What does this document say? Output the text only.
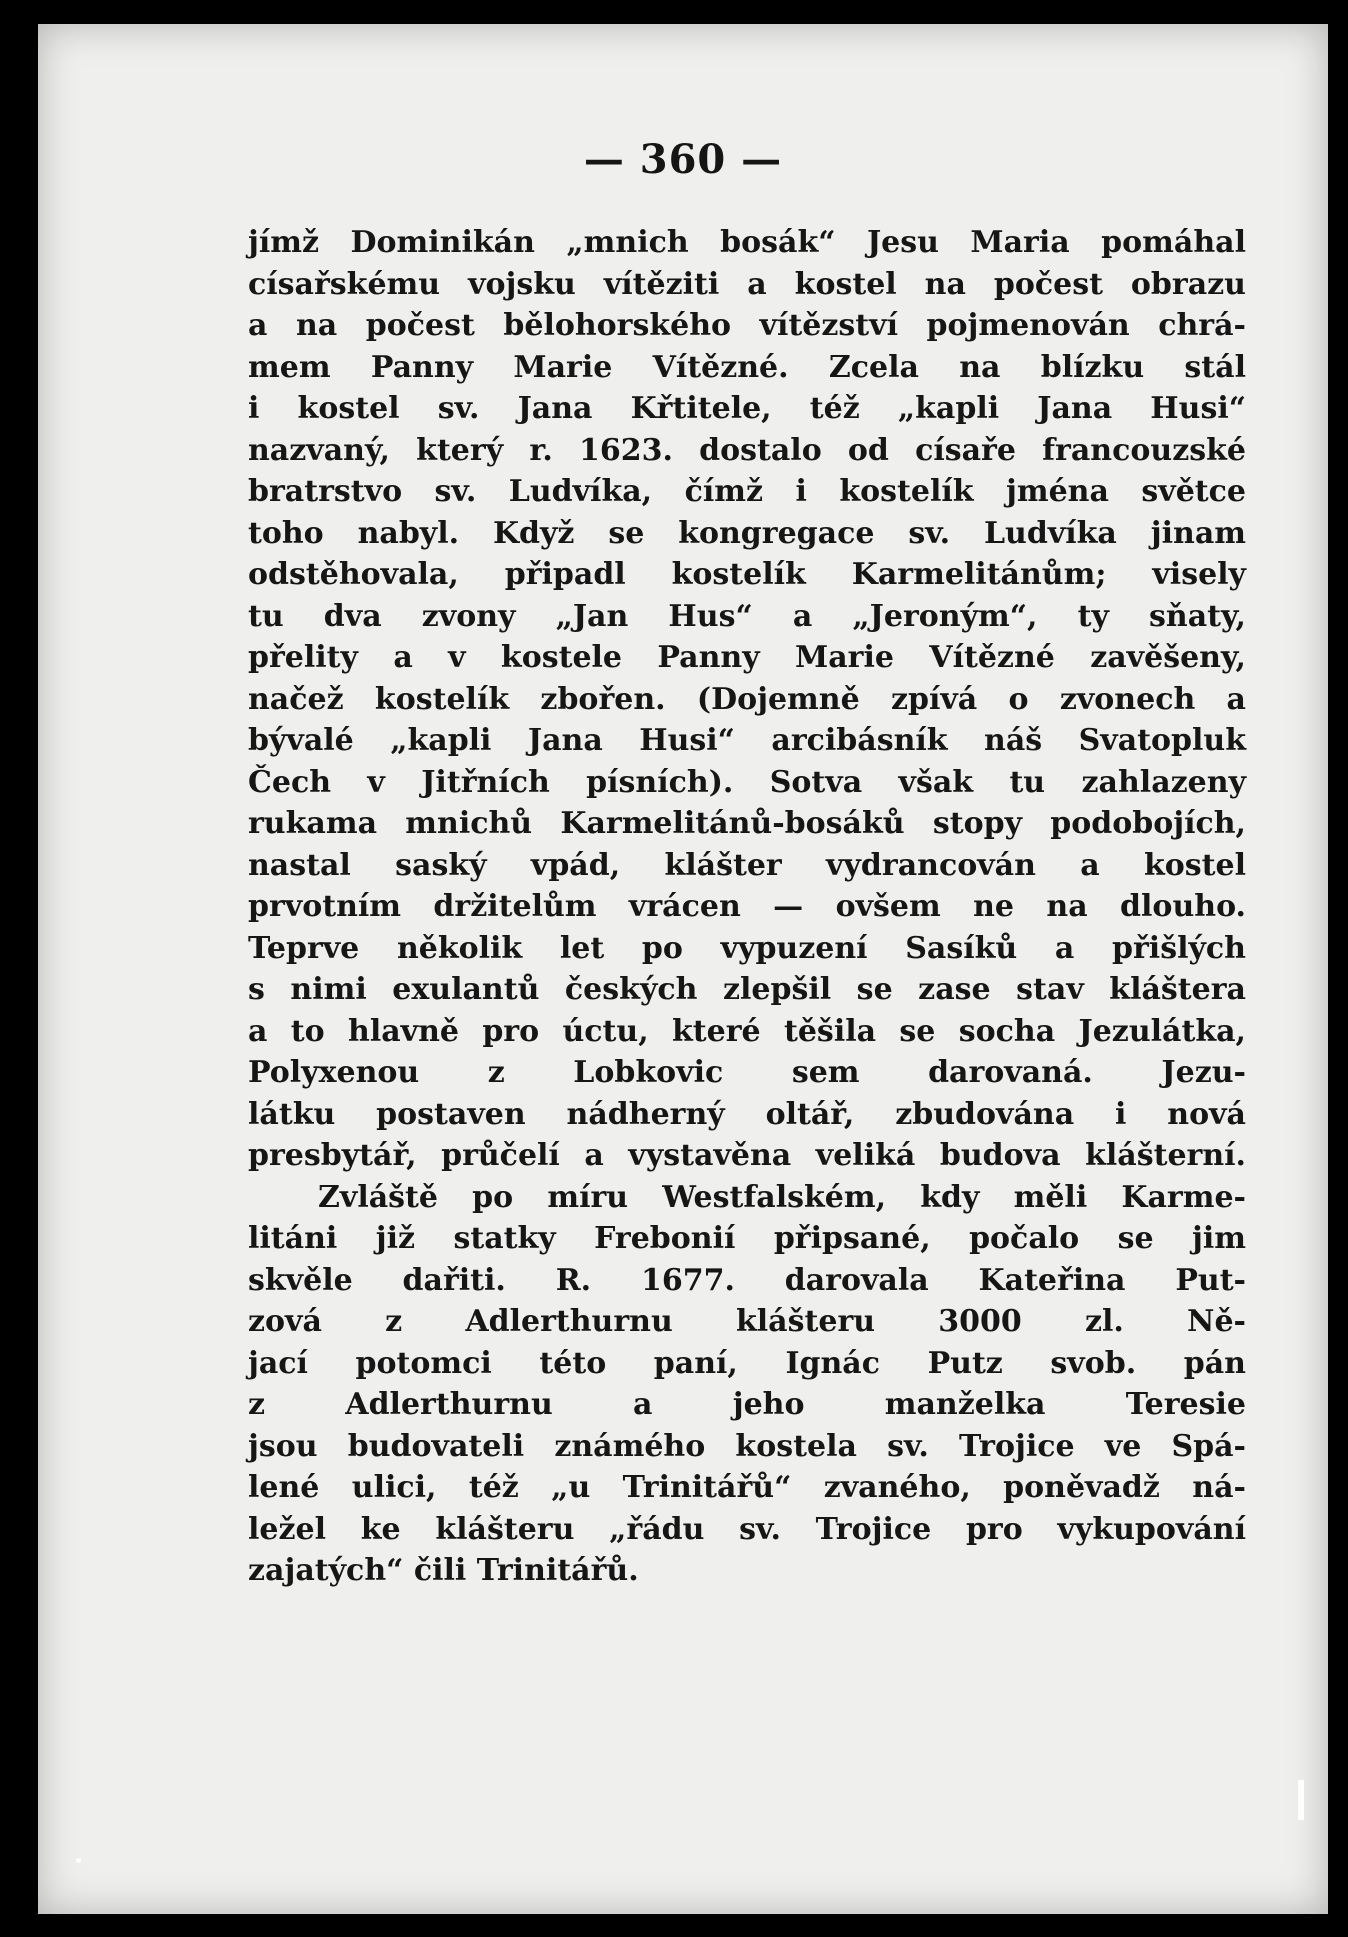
— 360 —
jímž Dominikán „mnich bosák“ Jesu Maria pomáhal
císařskému vojsku vítěziti a kostel na počest obrazu
a na počest bělohorského vítězství pojmenován chrá-
mem Panny Marie Vítězné. Zcela na blízku stál
i kostel sv. Jana Křtitele, též „kapli Jana Husi“
nazvaný, který r. 1623. dostalo od císaře francouzské
bratrstvo sv. Ludvíka, čímž i kostelík jména světce
toho nabyl. Když se kongregace sv. Ludvíka jinam
odstěhovala, připadl kostelík Karmelitánům; visely
tu dva zvony „Jan Hus“ a „Jeroným“, ty sňaty,
přelity a v kostele Panny Marie Vítězné zavěšeny,
načež kostelík zbořen. (Dojemně zpívá o zvonech a
bývalé „kapli Jana Husi“ arcibásník náš Svatopluk
Čech v Jitřních písních). Sotva však tu zahlazeny
rukama mnichů Karmelitánů-bosáků stopy podobojích,
nastal saský vpád, klášter vydrancován a kostel
prvotním držitelům vrácen — ovšem ne na dlouho.
Teprve několik let po vypuzení Sasíků a přišlých
s nimi exulantů českých zlepšil se zase stav kláštera
a to hlavně pro úctu, které těšila se socha Jezulátka,
Polyxenou z Lobkovic sem darovaná. Jezu-
látku postaven nádherný oltář, zbudována i nová
presbytář, průčelí a vystavěna veliká budova klášterní.
Zvláště po míru Westfalském, kdy měli Karme-
litáni již statky Frebonií připsané, počalo se jim
skvěle dařiti. R. 1677. darovala Kateřina Put-
zová z Adlerthurnu klášteru 3000 zl. Ně-
jací potomci této paní, Ignác Putz svob. pán
z Adlerthurnu a jeho manželka Teresie
jsou budovateli známého kostela sv. Trojice ve Spá-
lené ulici, též „u Trinitářů“ zvaného, poněvadž ná-
ležel ke klášteru „řádu sv. Trojice pro vykupování
zajatých“ čili Trinitářů.
